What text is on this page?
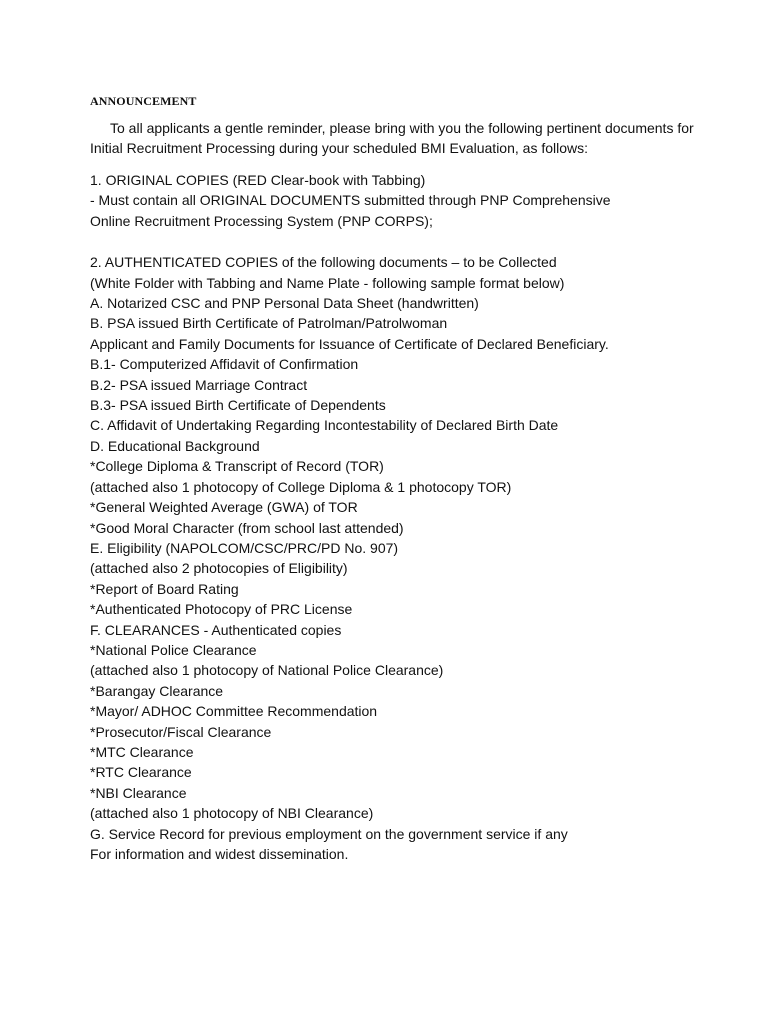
ANNOUNCEMENT

To all applicants a gentle reminder, please bring with you the following pertinent documents for Initial Recruitment Processing during your scheduled BMI Evaluation, as follows:

1. ORIGINAL COPIES (RED Clear-book with Tabbing)

- Must contain all ORIGINAL DOCUMENTS submitted through PNP Comprehensive

Online Recruitment Processing System (PNP CORPS);

2. AUTHENTICATED COPIES of the following documents – to be Collected

(White Folder with Tabbing and Name Plate - following sample format below)

A. Notarized CSC and PNP Personal Data Sheet (handwritten)

B. PSA issued Birth Certificate of Patrolman/Patrolwoman

Applicant and Family Documents for Issuance of Certificate of Declared Beneficiary.

B.1- Computerized Affidavit of Confirmation

B.2- PSA issued Marriage Contract

B.3- PSA issued Birth Certificate of Dependents

C. Affidavit of Undertaking Regarding Incontestability of Declared Birth Date

D. Educational Background

*College Diploma & Transcript of Record (TOR)

(attached also 1 photocopy of College Diploma & 1 photocopy TOR)

*General Weighted Average (GWA) of TOR

*Good Moral Character (from school last attended)

E. Eligibility (NAPOLCOM/CSC/PRC/PD No. 907)

(attached also 2 photocopies of Eligibility)

*Report of Board Rating

*Authenticated Photocopy of PRC License

F. CLEARANCES - Authenticated copies

*National Police Clearance

(attached also 1 photocopy of National Police Clearance)

*Barangay Clearance

*Mayor/ ADHOC Committee Recommendation

*Prosecutor/Fiscal Clearance

*MTC Clearance

*RTC Clearance

*NBI Clearance

(attached also 1 photocopy of NBI Clearance)

G. Service Record for previous employment on the government service if any

For information and widest dissemination.
